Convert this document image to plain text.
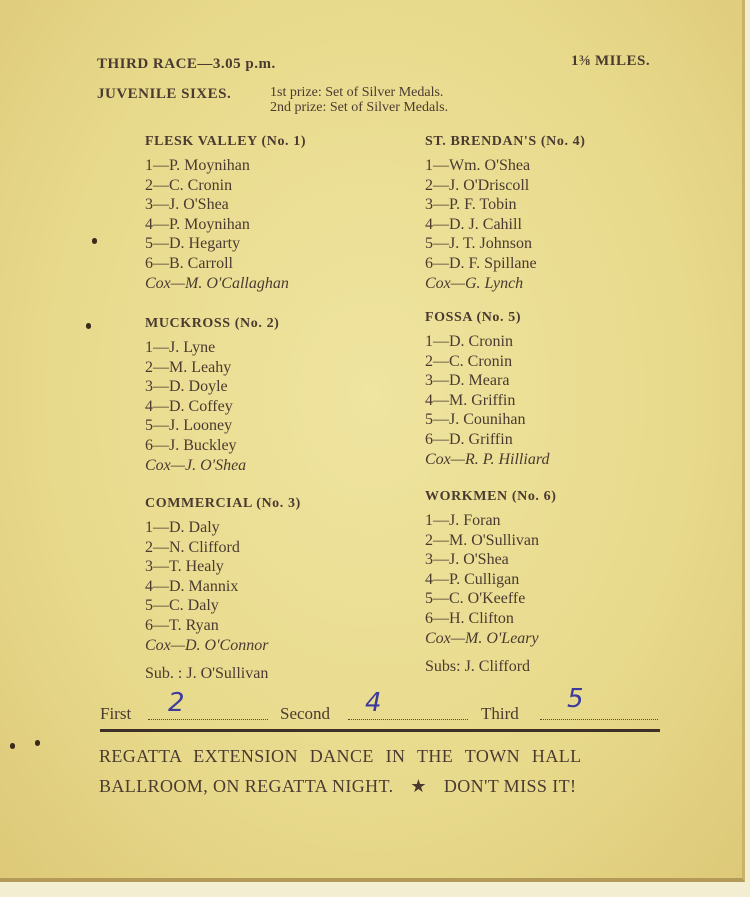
THIRD RACE—3.05 p.m.	1⅜ MILES.
JUVENILE SIXES.	1st prize: Set of Silver Medals.
2nd prize: Set of Silver Medals.
FLESK VALLEY (No. 1)
1—P. Moynihan
2—C. Cronin
3—J. O'Shea
4—P. Moynihan
5—D. Hegarty
6—B. Carroll
Cox—M. O'Callaghan
MUCKROSS (No. 2)
1—J. Lyne
2—M. Leahy
3—D. Doyle
4—D. Coffey
5—J. Looney
6—J. Buckley
Cox—J. O'Shea
COMMERCIAL (No. 3)
1—D. Daly
2—N. Clifford
3—T. Healy
4—D. Mannix
5—C. Daly
6—T. Ryan
Cox—D. O'Connor
Sub. : J. O'Sullivan
ST. BRENDAN'S (No. 4)
1—Wm. O'Shea
2—J. O'Driscoll
3—P. F. Tobin
4—D. J. Cahill
5—J. T. Johnson
6—D. F. Spillane
Cox—G. Lynch
FOSSA (No. 5)
1—D. Cronin
2—C. Cronin
3—D. Meara
4—M. Griffin
5—J. Counihan
6—D. Griffin
Cox—R. P. Hilliard
WORKMEN (No. 6)
1—J. Foran
2—M. O'Sullivan
3—J. O'Shea
4—P. Culligan
5—C. O'Keeffe
6—H. Clifton
Cox—M. O'Leary
Subs: J. Clifford
First 2	Second 4	Third 5
REGATTA EXTENSION DANCE IN THE TOWN HALL
BALLROOM, ON REGATTA NIGHT. ★ DON'T MISS IT!
